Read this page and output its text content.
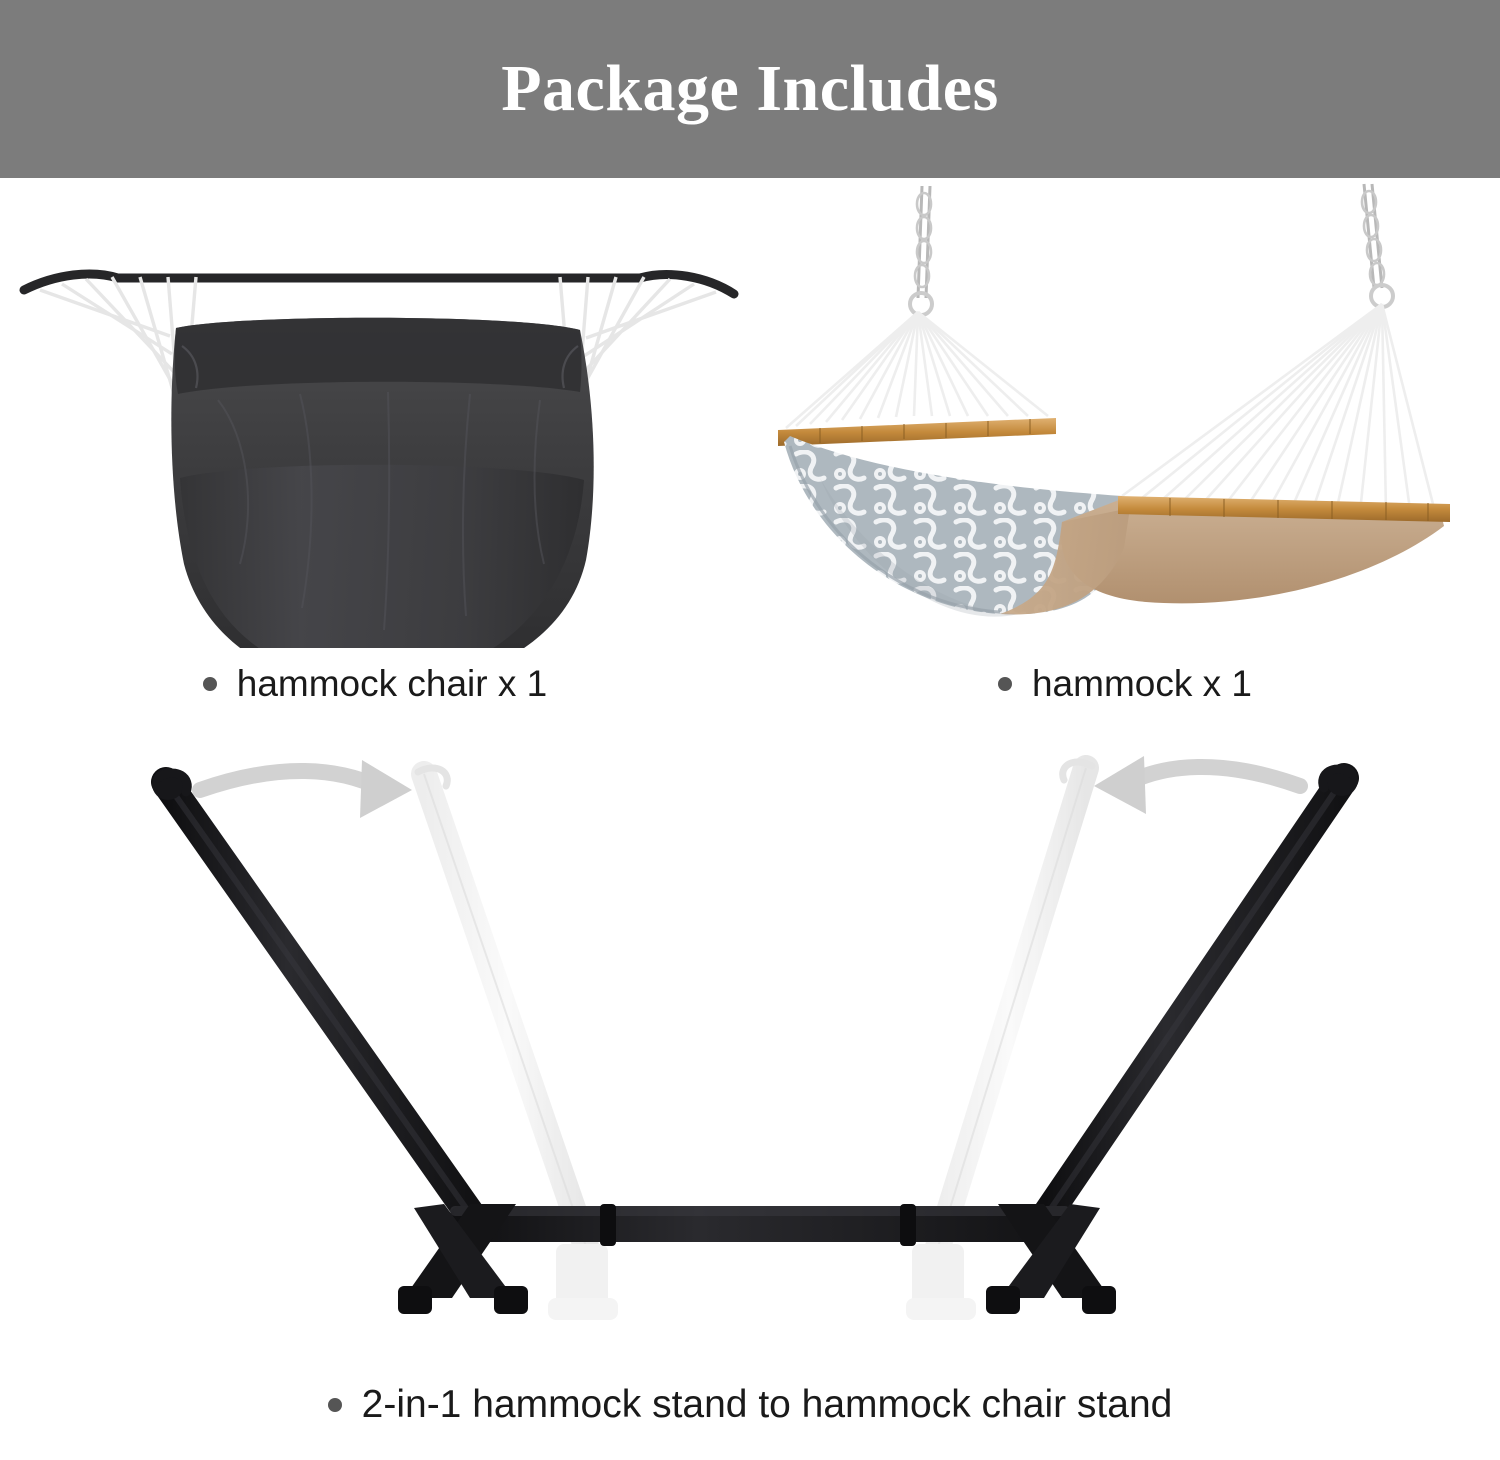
Package Includes
hammock chair x 1	hammock x 1
2-in-1 hammock stand to hammock chair stand
